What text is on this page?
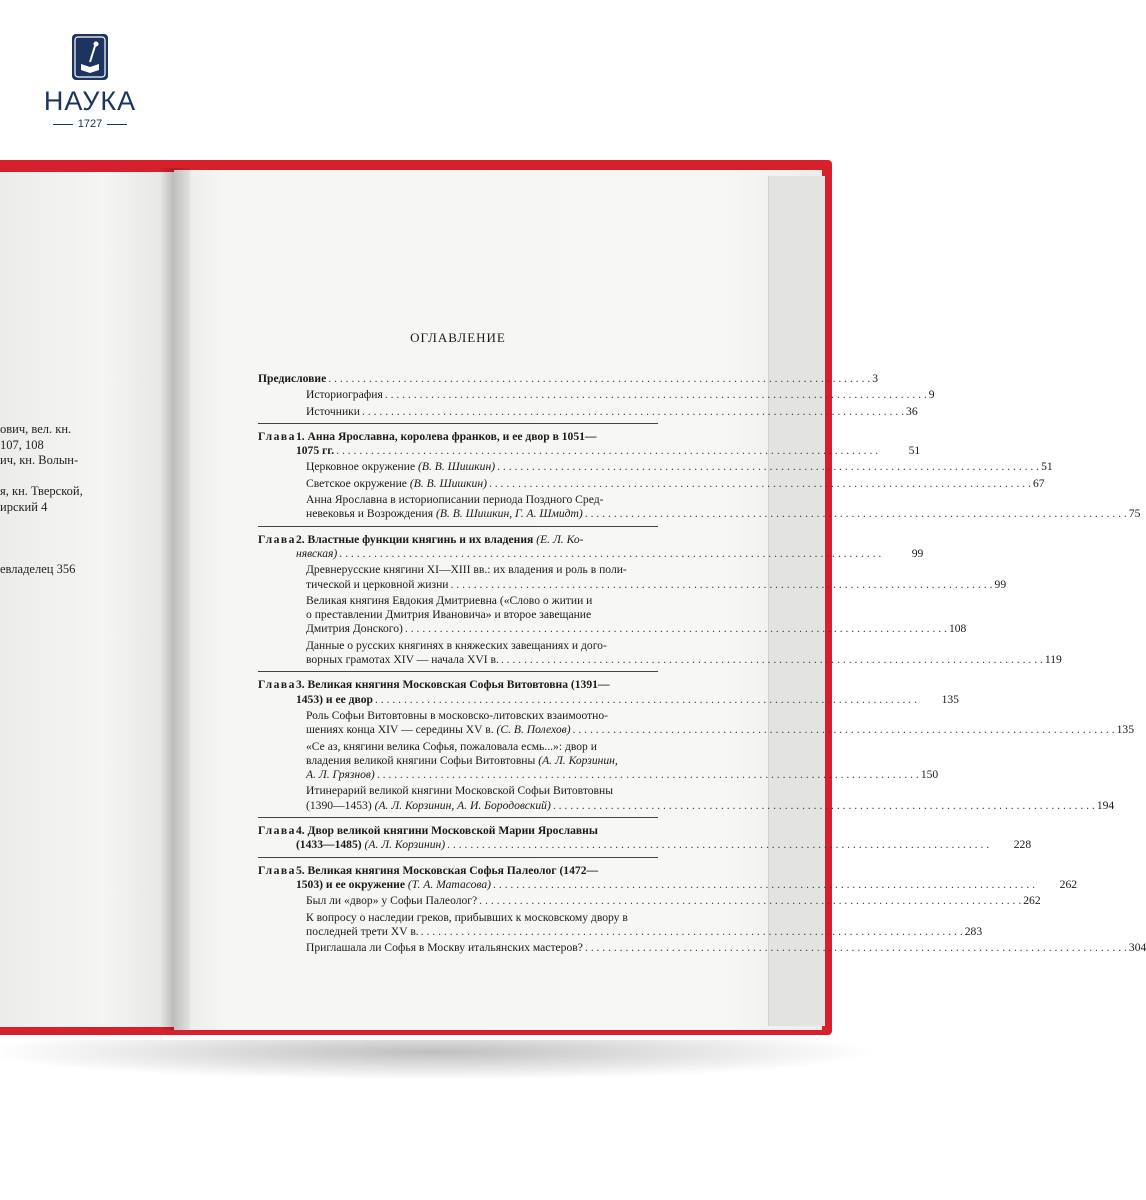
НАУКА
1727
ович, вел. кн.
107, 108
ич, кн. Волын-

я, кн. Тверской,
ирский 4

евладелец 356
ОГЛАВЛЕНИЕ
Предисловие . . .	3
Историография . . .	9
Источники . . .	36
Глава 1. Анна Ярославна, королева франков, и ее двор в 1051—
1075 гг. . . .	51
Церковное окружение
(В. В. Шишкин) . . .	51
Светское окружение
(В. В. Шишкин) . . .	67
Анна Ярославна в историописании периода Поздного Сред-
невековья и Возрождения
(В. В. Шишкин, Г. А. Шмидт) . . .	75
Глава 2. Властные функции княгинь и их владения (Е. Л. Ко-
нявская) . . .	99
Древнерусские княгини XI—XIII вв.: их владения и роль в поли-
тической и церковной жизни . . .	99
Великая княгиня Евдокия Дмитриевна («Слово о житии и
о преставлении Дмитрия Ивановича» и второе завещание
Дмитрия Донского) . . .	108
Данные о русских княгинях в княжеских завещаниях и дого-
ворных грамотах XIV — начала XVI в. . . .	119
Глава 3. Великая княгиня Московская Софья Витовтовна (1391—
1453) и ее двор . . .	135
Роль Софьи Витовтовны в московско-литовских взаимоотно-
шениях конца XIV — середины XV в.
(С. В. Полехов) . . .	135
«Се аз, княгини велика Софья, пожаловала есмь...»: двор и
владения великой княгини Софьи Витовтовны (А. Л. Корзинин,
А. Л. Грязнов) . . .	150
Итинерарий великой княгини Московской Софьи Витовтовны
(1390—1453)
(А. Л. Корзинин, А. И. Бородовский) . . .	194
Глава 4. Двор великой княгини Московской Марии Ярославны
(1433—1485)
(А. Л. Корзинин) . . .	228
Глава 5. Великая княгиня Московская Софья Палеолог (1472—
1503) и ее окружение
(Т. А. Матасова) . . .	262
Был ли «двор» у Софьи Палеолог? . . .	262
К вопросу о наследии греков, прибывших к московскому двору в
последней трети XV в. . . .	283
Приглашала ли Софья в Москву итальянских мастеров? . . .	304
